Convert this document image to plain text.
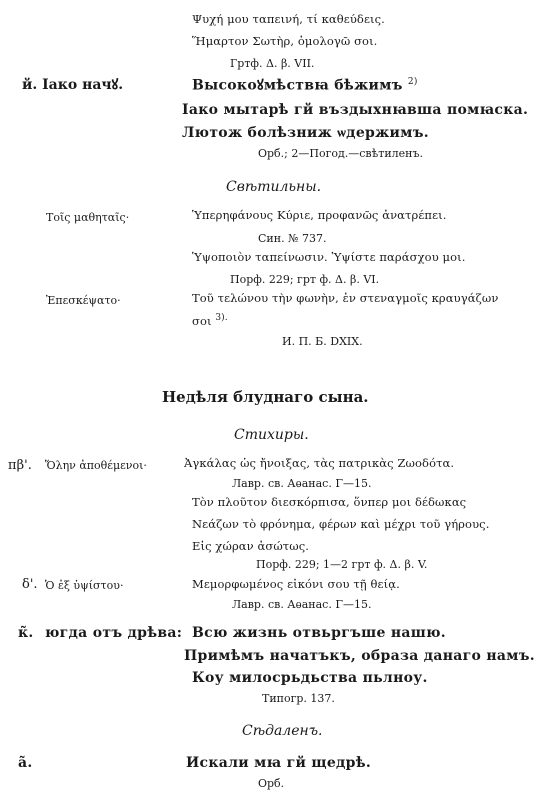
Ψυχή μου ταπεινή, τί καθεύδεις.
Ἥμαρτον Σωτὴρ, ὁμολογῶ σοι.
Гртф. Δ. β. VII.
й. Іако начꙋ.	Высокоꙋмѣствꙗ бѣжимъ $^{2)}$
Іако мытарѣ гй въздыхнꙗвша помꙗска.
Лютож болѣзниж ѡдержимъ.
Орб.; 2—Погод.—свѣтиленъ.
Свѣтильны.
Τοῖς μαθηταῖς·	Ὑπερηφάνους Κύριε, προφανῶς ἀνατρέπει.
Син. № 737.
Ὑψοποιὸν ταπείνωσιν. Ὑψίστε παράσχου μοι.
Порф. 229; грт ф. Δ. β. VI.
Ἐπεσκέψατο·	Τοῦ τελώνου τὴν φωνὴν, ἐν στεναγμοῖς κραυγάζων
σοι $^{3).}$
И. П. Б. DXIX.
Недѣля блуднаго сына.
Стихиры.
пβ'. Ὅλην ἀποθέμενοι·	Ἀγκάλας ὡς ἤνοιξας, τὰς πατρικὰς Ζωοδότα.
Лавр. св. Аѳанас. Γ—15.
Τὸν πλοῦτον διεσκόρπισα, ὅνπερ μοι δέδωκας
Νεάζων τὸ φρόνημα, φέρων καὶ μέχρι τοῦ γήρους.
Εἰς χώραν ἀσώτως.
Порф. 229; 1—2 грт ф. Δ. β. V.
δ'. Ὁ ἐξ ὑψίστου·	Μεμορφωμένος εἰκόνι σου τῇ θείᾳ.
Лавр. св. Аѳанас. Γ—15.
к̃. югда отъ дрѣва: Всю жизнь отвьргъше нашю.
Примѣмъ начатъкъ, образа данаго намъ.
Коу милосрьдьства пьлноу.
Типогр. 137.
Сѣдаленъ.
а̃.	Искали мꙗ гй щедрѣ.
Орб.
